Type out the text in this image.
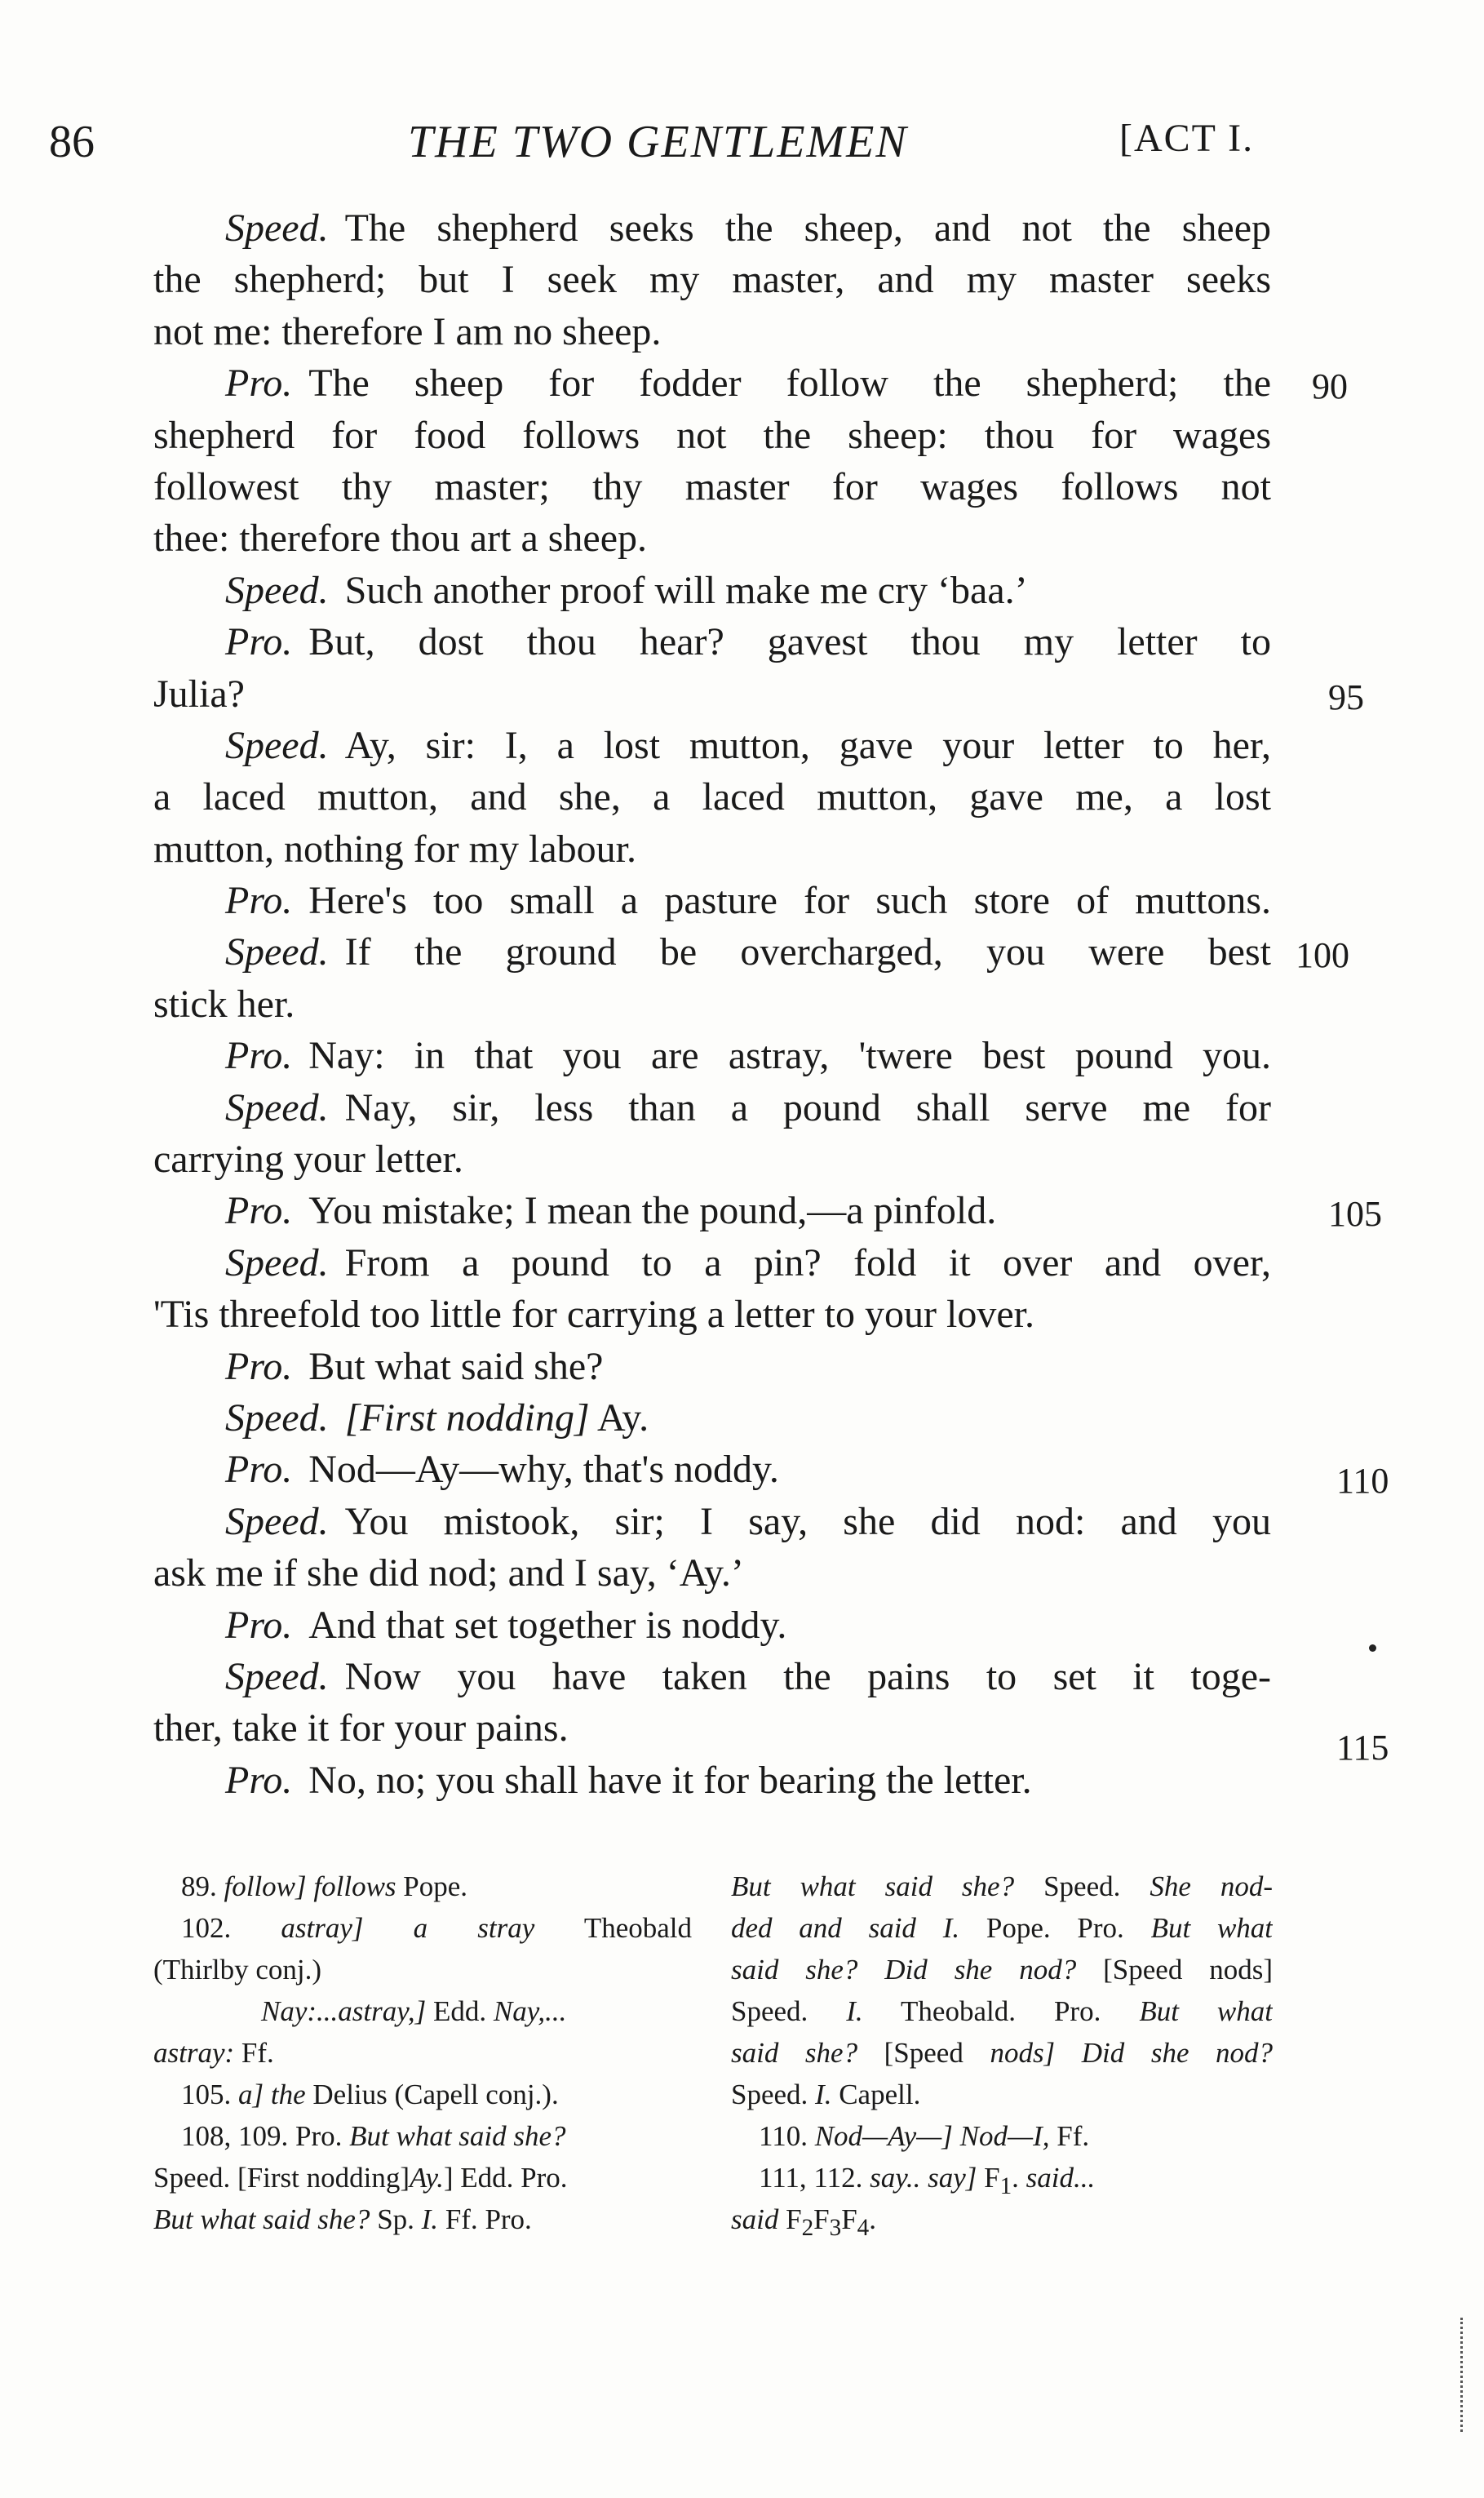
86	THE TWO GENTLEMEN	[ACT I.
Speed. The shepherd seeks the sheep, and not the sheep
the shepherd; but I seek my master, and my master seeks
not me: therefore I am no sheep.
Pro. The sheep for fodder follow the shepherd; the
shepherd for food follows not the sheep: thou for wages
90
followest thy master; thy master for wages follows not
thee: therefore thou art a sheep.
Speed. Such another proof will make me cry ‘baa.’
Pro. But, dost thou hear? gavest thou my letter to
Julia?	95
Speed. Ay, sir: I, a lost mutton, gave your letter to her,
a laced mutton, and she, a laced mutton, gave me, a lost
mutton, nothing for my labour.
Pro. Here's too small a pasture for such store of muttons.
Speed. If the ground be overcharged, you were best 100
stick her.
Pro. Nay: in that you are astray, 'twere best pound you.
Speed. Nay, sir, less than a pound shall serve me for
carrying your letter.
Pro. You mistake; I mean the pound,—a pinfold.	105
Speed. From a pound to a pin? fold it over and over,
'Tis threefold too little for carrying a letter to your lover.
Pro. But what said she?
Speed. [First nodding] Ay.
Pro. Nod—Ay—why, that's noddy.	110
Speed. You mistook, sir; I say, she did nod: and you
ask me if she did nod; and I say, ‘Ay.’
Pro. And that set together is noddy.
Speed. Now you have taken the pains to set it toge-
ther, take it for your pains.	115
Pro. No, no; you shall have it for bearing the letter.
89. follow] follows Pope.
102. astray] a stray Theobald
(Thirlby conj.)
Nay:...astray,] Edd. Nay,...
astray: Ff.
105. a] the Delius (Capell conj.).
108, 109. Pro. But what said she?
Speed. [First nodding]Ay.] Edd. Pro.
But what said she? Sp. I. Ff. Pro.
But what said she? Speed. She nod-
ded and said I. Pope. Pro. But what
said she? Did she nod? [Speed nods]
Speed. I. Theobald. Pro. But what
said she? [Speed nods] Did she nod?
Speed. I. Capell.
110. Nod—Ay—] Nod—I, Ff.
111, 112. say.. say] $F_1$. said...
said $F_2F_3F_4$.
